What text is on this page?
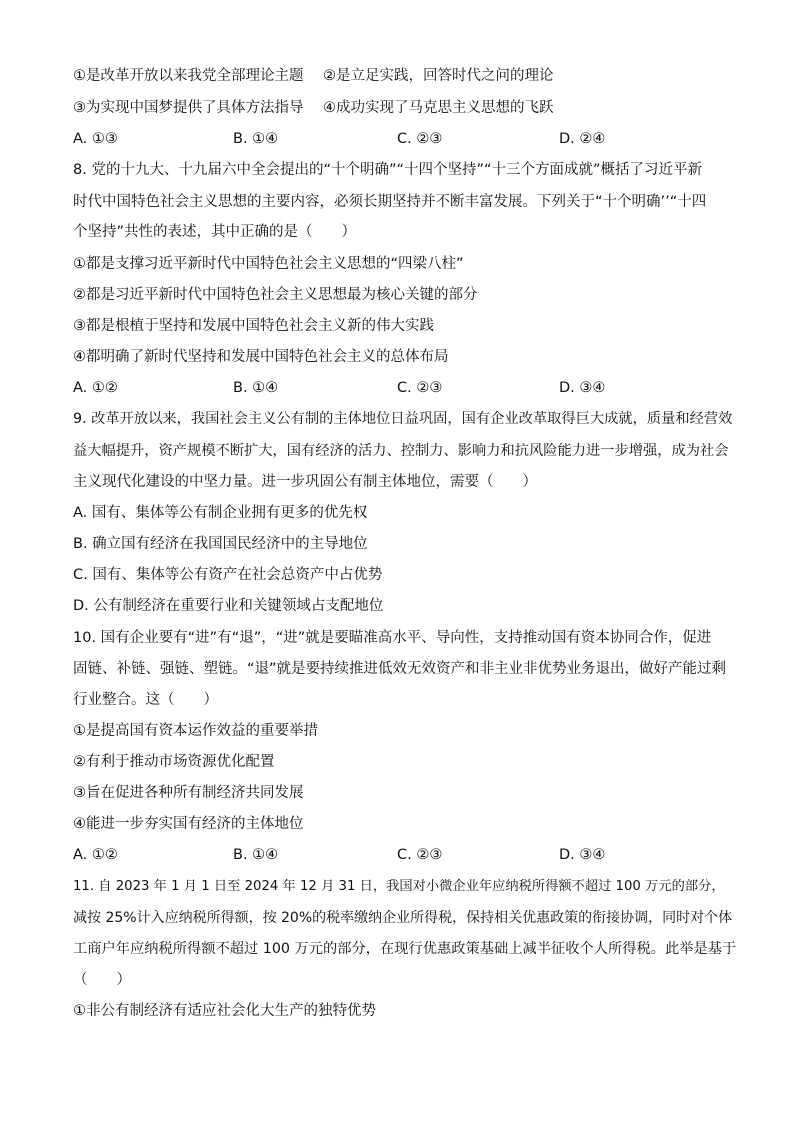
①是改革开放以来我党全部理论主题 ②是立足实践，回答时代之问的理论
③为实现中国梦提供了具体方法指导 ④成功实现了马克思主义思想的飞跃
A. ①③	B. ①④	C. ②③	D. ②④
8. 党的十九大、十九届六中全会提出的“十个明确”“十四个坚持”“十三个方面成就”概括了习近平新
时代中国特色社会主义思想的主要内容，必须长期坚持并不断丰富发展。下列关于“十个明确’’“十四
个坚持”共性的表述，其中正确的是（　　）
①都是支撑习近平新时代中国特色社会主义思想的“四梁八柱”
②都是习近平新时代中国特色社会主义思想最为核心关键的部分
③都是根植于坚持和发展中国特色社会主义新的伟大实践
④都明确了新时代坚持和发展中国特色社会主义的总体布局
A. ①②	B. ①④	C. ②③	D. ③④
9. 改革开放以来，我国社会主义公有制的主体地位日益巩固，国有企业改革取得巨大成就，质量和经营效
益大幅提升，资产规模不断扩大，国有经济的活力、控制力、影响力和抗风险能力进一步增强，成为社会
主义现代化建设的中坚力量。进一步巩固公有制主体地位，需要（　　）
A. 国有、集体等公有制企业拥有更多的优先权
B. 确立国有经济在我国国民经济中的主导地位
C. 国有、集体等公有资产在社会总资产中占优势
D. 公有制经济在重要行业和关键领域占支配地位
10. 国有企业要有“进”有“退”，“进”就是要瞄准高水平、导向性，支持推动国有资本协同合作，促进
固链、补链、强链、塑链。“退”就是要持续推进低效无效资产和非主业非优势业务退出，做好产能过剩
行业整合。这（　　）
①是提高国有资本运作效益的重要举措
②有利于推动市场资源优化配置
③旨在促进各种所有制经济共同发展
④能进一步夯实国有经济的主体地位
A. ①②	B. ①④	C. ②③	D. ③④
11. 自 2023 年 1 月 1 日至 2024 年 12 月 31 日，我国对小微企业年应纳税所得额不超过 100 万元的部分，
减按 25%计入应纳税所得额，按 20%的税率缴纳企业所得税，保持相关优惠政策的衔接协调，同时对个体
工商户年应纳税所得额不超过 100 万元的部分，在现行优惠政策基础上减半征收个人所得税。此举是基于
（　　）
①非公有制经济有适应社会化大生产的独特优势
